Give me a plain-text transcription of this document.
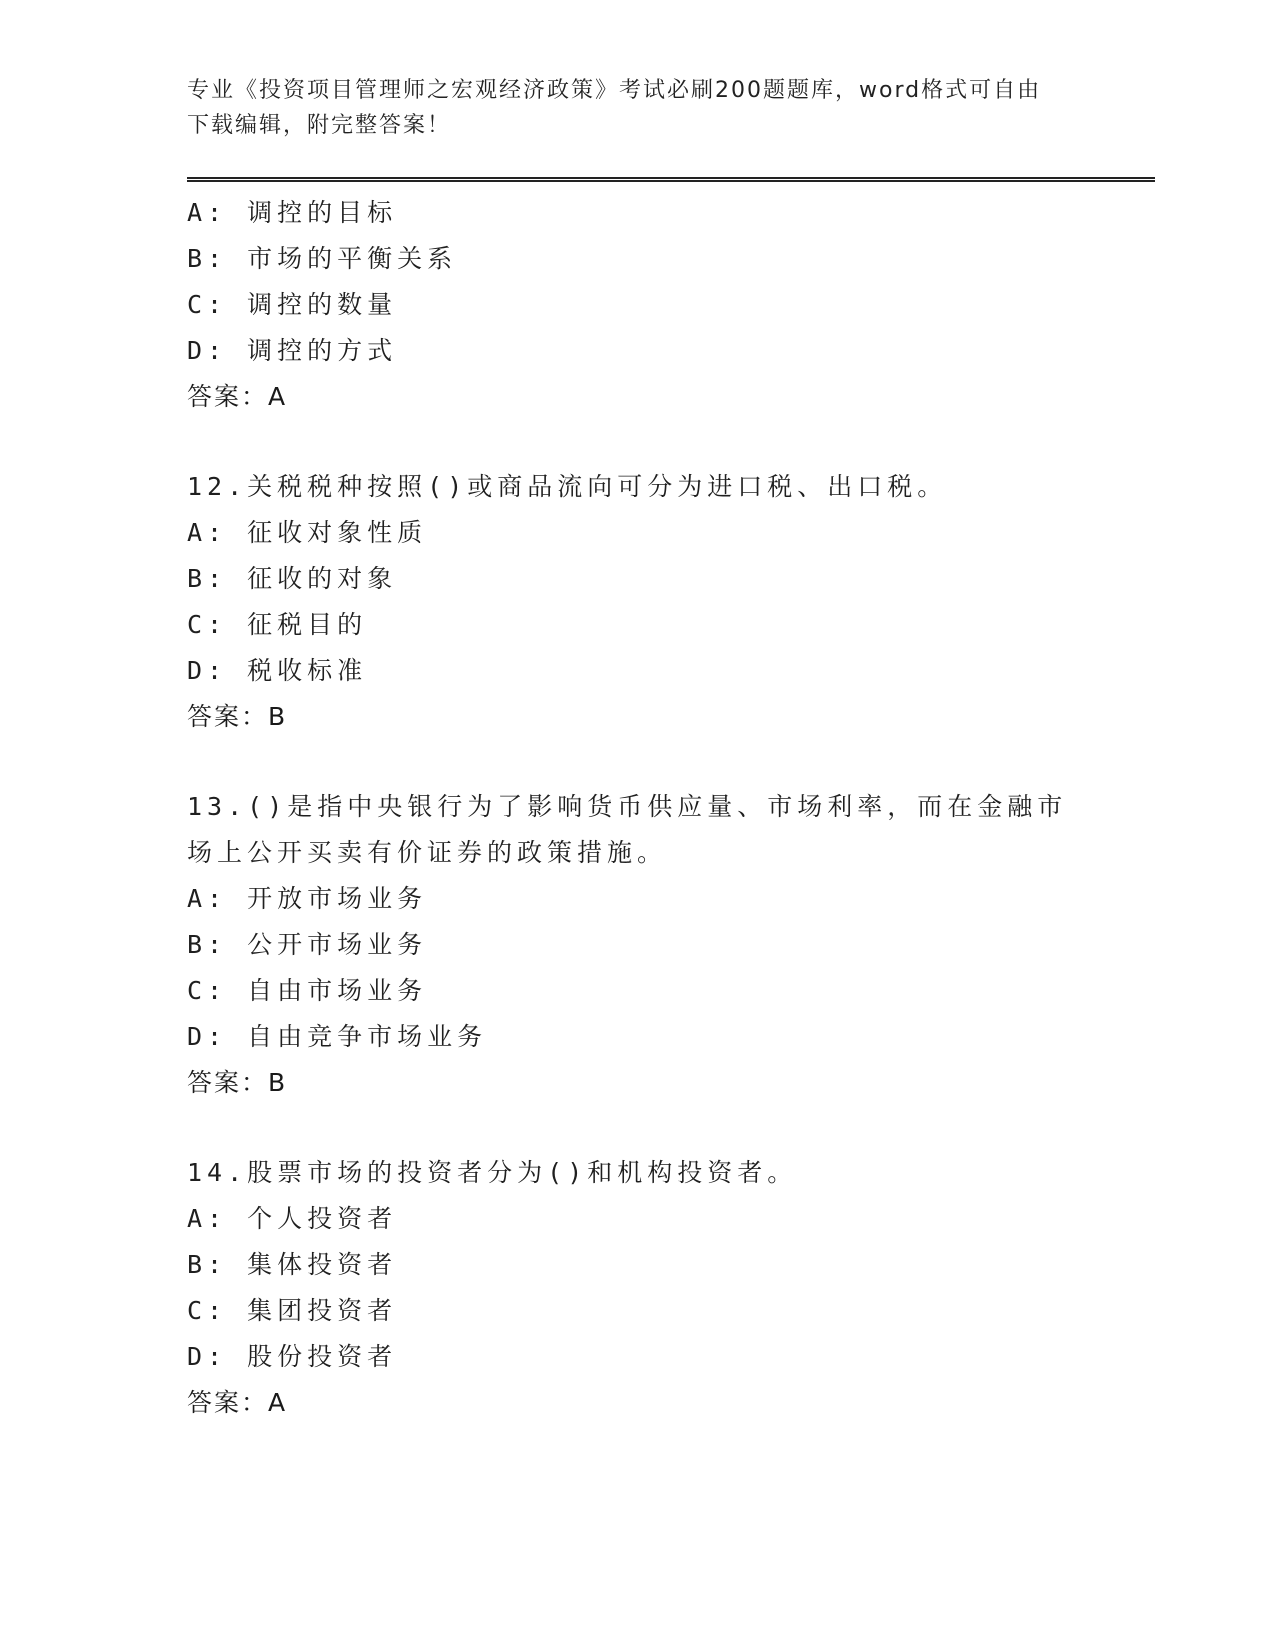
专业《投资项目管理师之宏观经济政策》考试必刷200题题库，word格式可自由
下载编辑，附完整答案！
A: 调控的目标
B: 市场的平衡关系
C: 调控的数量
D: 调控的方式
答案：A
12.关税税种按照()或商品流向可分为进口税、出口税。
A: 征收对象性质
B: 征收的对象
C: 征税目的
D: 税收标准
答案：B
13.()是指中央银行为了影响货币供应量、市场利率，而在金融市场上公开买卖有价证券的政策措施。
A: 开放市场业务
B: 公开市场业务
C: 自由市场业务
D: 自由竞争市场业务
答案：B
14.股票市场的投资者分为()和机构投资者。
A: 个人投资者
B: 集体投资者
C: 集团投资者
D: 股份投资者
答案：A
